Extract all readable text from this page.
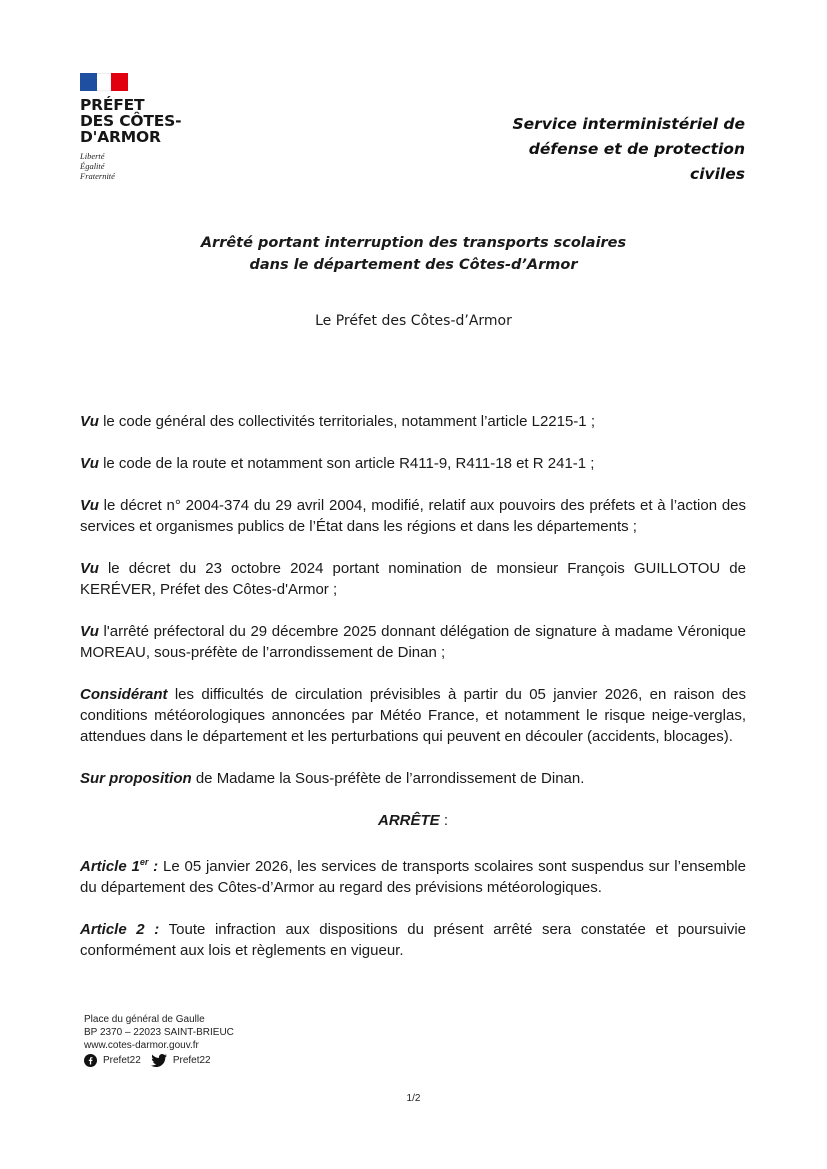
PRÉFET
DES CÔTES-
D'ARMOR
Liberté
Égalité
Fraternité
Service interministériel de
défense et de protection
civiles
Arrêté portant interruption des transports scolaires
dans le département des Côtes-d’Armor
Le Préfet des Côtes-d’Armor

Vu le code général des collectivités territoriales, notamment l’article L2215-1 ;

Vu le code de la route et notamment son article R411-9, R411-18 et R 241-1 ;

Vu le décret n° 2004-374 du 29 avril 2004, modifié, relatif aux pouvoirs des préfets et à l’action des services et organismes publics de l’État dans les régions et dans les départements ;

Vu le décret du 23 octobre 2024 portant nomination de monsieur François GUILLOTOU de KERÉVER, Préfet des Côtes-d'Armor ;

Vu l'arrêté préfectoral du 29 décembre 2025 donnant délégation de signature à madame Véronique MOREAU, sous-préfète de l’arrondissement de Dinan ;

Considérant les difficultés de circulation prévisibles à partir du 05 janvier 2026, en raison des conditions météorologiques annoncées par Météo France, et notamment le risque neige-verglas, attendues dans le département et les perturbations qui peuvent en découler (accidents, blocages).

Sur proposition de Madame la Sous-préfète de l’arrondissement de Dinan.

ARRÊTE :

Article 1er : Le 05 janvier 2026, les services de transports scolaires sont suspendus sur l’ensemble du département des Côtes-d’Armor au regard des prévisions météorologiques.

Article 2 : Toute infraction aux dispositions du présent arrêté sera constatée et poursuivie conformément aux lois et règlements en vigueur.

Place du général de Gaulle
BP 2370 – 22023 SAINT-BRIEUC
www.cotes-darmor.gouv.fr
Prefet22	Prefet22
1/2
